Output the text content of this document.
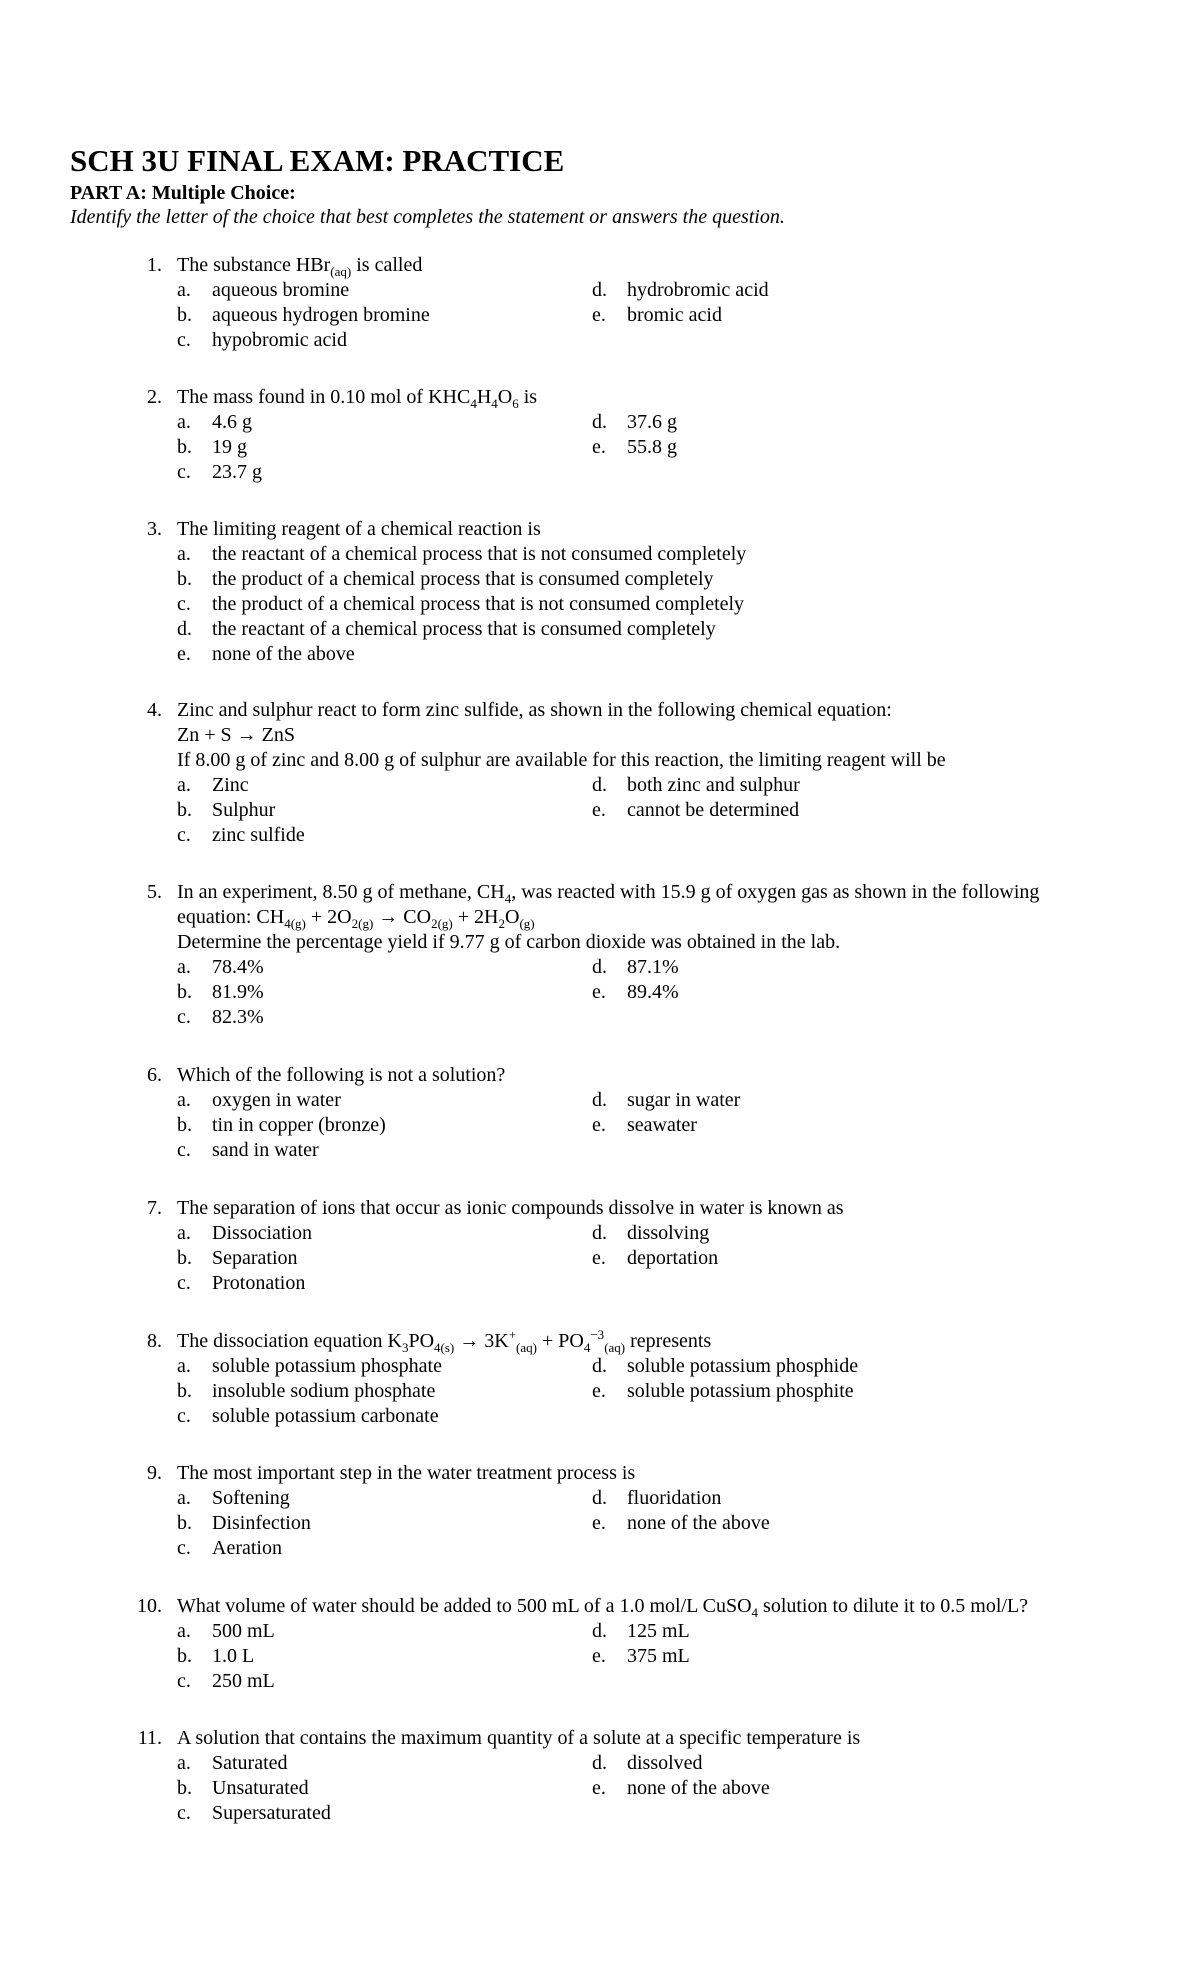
SCH 3U FINAL EXAM: PRACTICE
PART A: Multiple Choice:
Identify the letter of the choice that best completes the statement or answers the question.
1. The substance HBr$_{(aq)}$ is called
a.	aqueous bromine
b. aqueous hydrogen bromine
c.	hypobromic acid
d. hydrobromic acid
e.	bromic acid
2. The mass found in 0.10 mol of $KHC_4H_4O_6$ is
a.	4.6 g
b. 19 g
c.	23.7 g
d. 37.6 g
e.	55.8 g
3. The limiting reagent of a chemical reaction is
a.	the reactant of a chemical process that is not consumed completely
b. the product of a chemical process that is consumed completely
c.	the product of a chemical process that is not consumed completely
d. the reactant of a chemical process that is consumed completely
e.	none of the above
4. Zinc and sulphur react to form zinc sulfide, as shown in the following chemical equation:
Zn + S → ZnS
If 8.00 g of zinc and 8.00 g of sulphur are available for this reaction, the limiting reagent will be
a.	Zinc
b. Sulphur
c.	zinc sulfide
d. both zinc and sulphur
e.	cannot be determined
5. In an experiment, 8.50 g of methane, $CH_4$, was reacted with 15.9 g of oxygen gas as shown in the following
equation: $CH_{4(g)} + 2O_{2(g)} \to CO_{2(g)} + 2H_2O_{(g)}$
Determine the percentage yield if 9.77 g of carbon dioxide was obtained in the lab.
a.	78.4%
b. 81.9%
c.	82.3%
d. 87.1%
e.	89.4%
6. Which of the following is not a solution?
a.	oxygen in water
b. tin in copper (bronze)
c.	sand in water
d. sugar in water
e.	seawater
7. The separation of ions that occur as ionic compounds dissolve in water is known as
a.	Dissociation
b. Separation
c.	Protonation
d. dissolving
e.	deportation
8. The dissociation equation $K_3PO_{4(s)} \to 3K^+_{(aq)} + PO_4^{-3}_{(aq)}$ represents
a.	soluble potassium phosphate
b. insoluble sodium phosphate
c.	soluble potassium carbonate
d. soluble potassium phosphide
e.	soluble potassium phosphite
9. The most important step in the water treatment process is
a.	Softening
b. Disinfection
c.	Aeration
d. fluoridation
e.	none of the above
10. What volume of water should be added to 500 mL of a 1.0 mol/L CuSO$_4$ solution to dilute it to 0.5 mol/L?
a.	500 mL
b. 1.0 L
c.	250 mL
d. 125 mL
e.	375 mL
11. A solution that contains the maximum quantity of a solute at a specific temperature is
a.	Saturated
b. Unsaturated
c.	Supersaturated
d. dissolved
e.	none of the above
